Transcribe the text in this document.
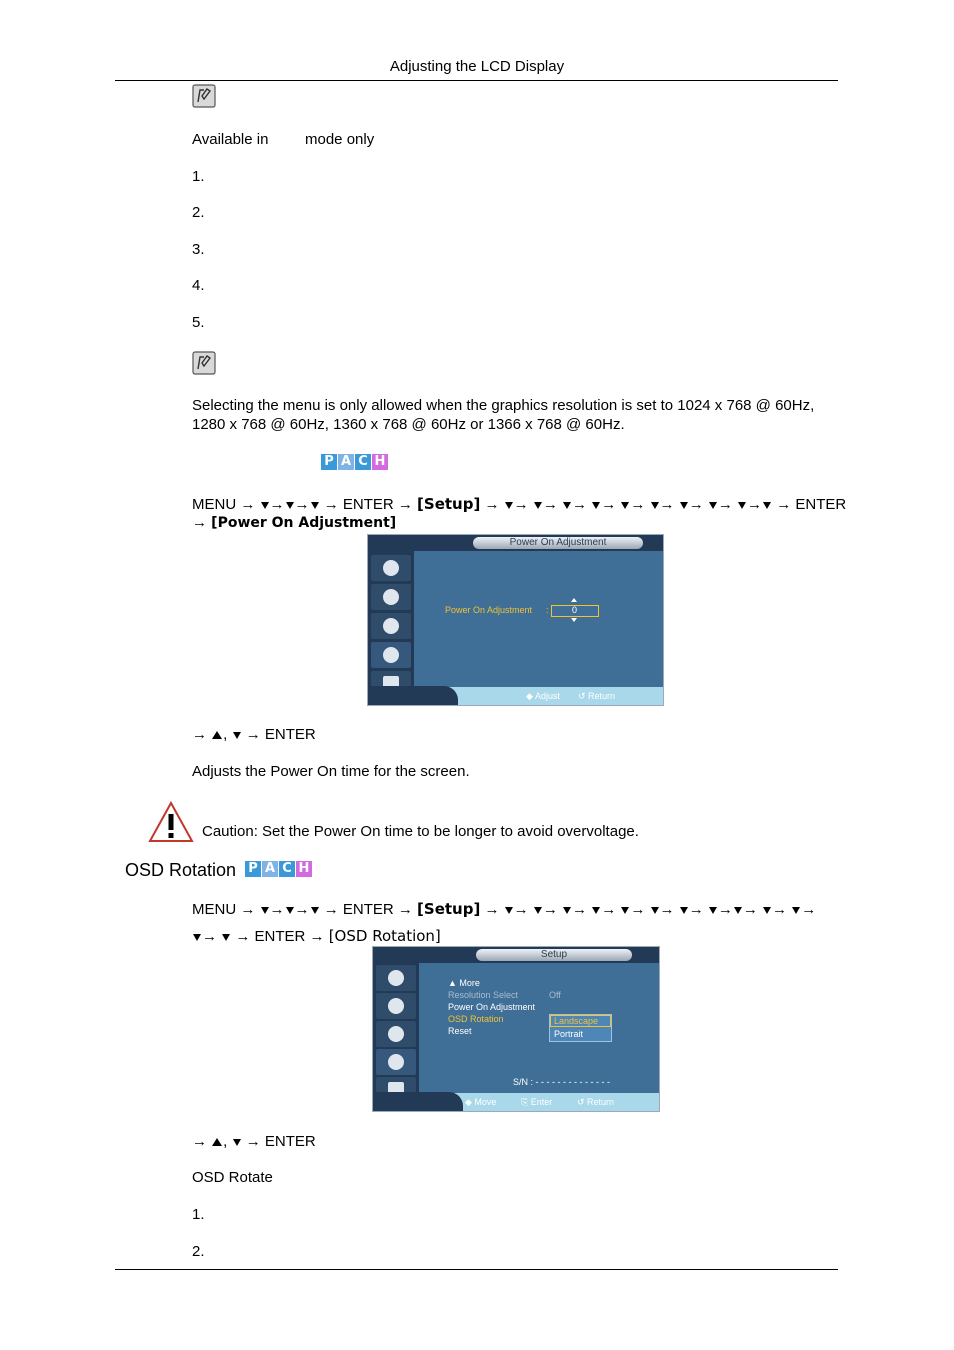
Adjusting the LCD Display
Available in mode only
1.
2.
3.
4.
5.
Selecting the menu is only allowed when the graphics resolution is set to 1024 x 768 @ 60Hz,
1280 x 768 @ 60Hz, 1360 x 768 @ 60Hz or 1366 x 768 @ 60Hz.
P A C H
MENU → → → → ENTER → [Setup] → → → → → → → → → → → ENTER
→ [Power On Adjustment]
Power On Adjustment
Power On Adjustment :	0
◆ Adjust ↺ Return
→ , → ENTER
Adjusts the Power On time for the screen.
Caution: Set the Power On time to be longer to avoid overvoltage.
OSD Rotation P A C H
MENU → → → → ENTER → [Setup] → → → → → → → → → → → →
→  → ENTER → [OSD Rotation]
Setup
▲ More
Resolution Select	Off
Power On Adjustment
OSD Rotation
Reset
Landscape
Portrait
S/N : - - - - - - - - - - - - - -
◆ Move	⎘ Enter	↺ Return
→ , → ENTER
OSD Rotate
1.
2.
